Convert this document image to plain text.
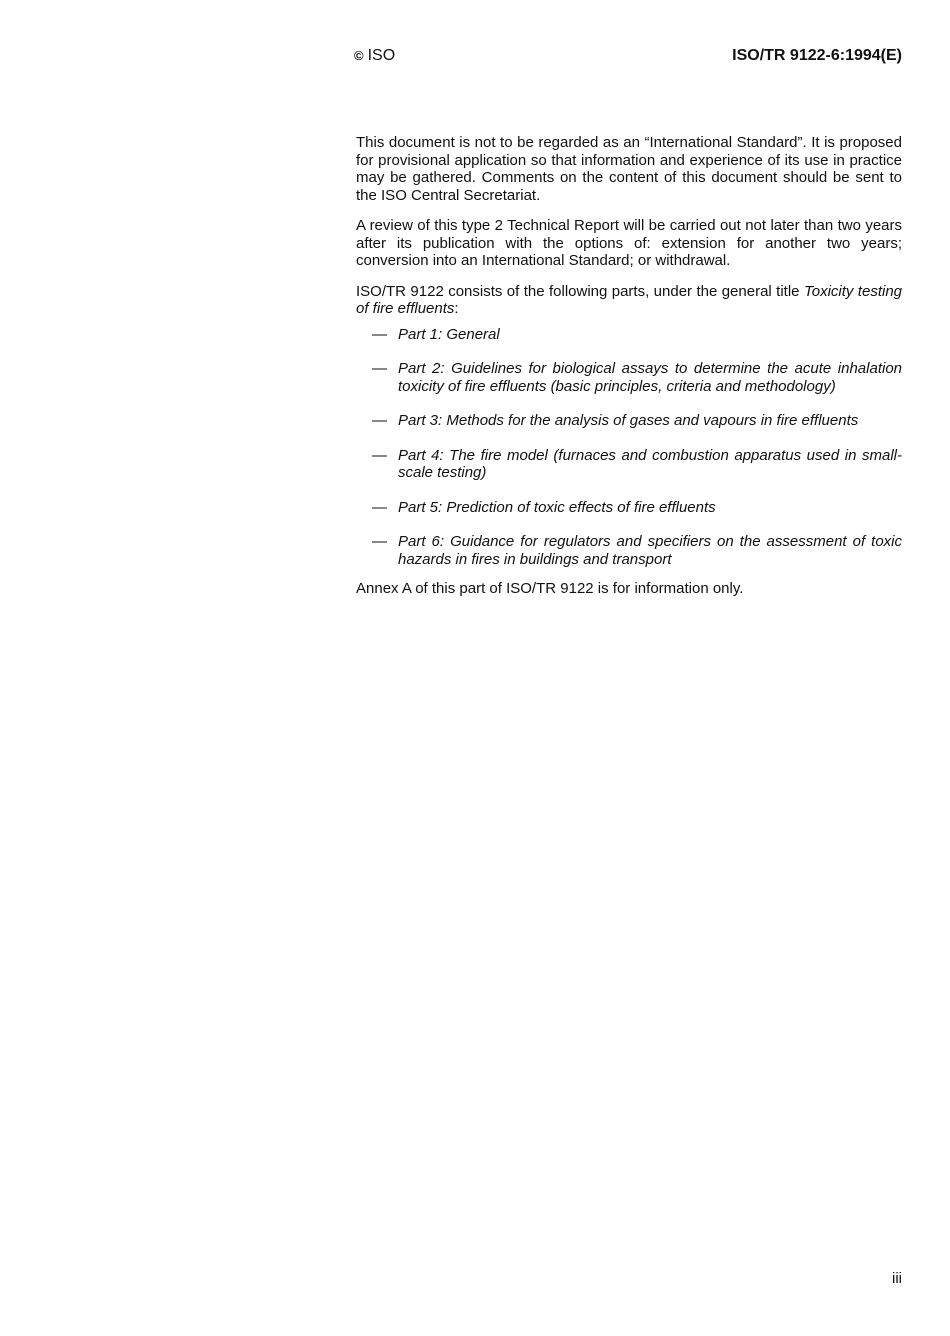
© ISO	ISO/TR 9122-6:1994(E)

This document is not to be regarded as an “International Standard”. It is proposed for provisional application so that information and experience of its use in practice may be gathered. Comments on the content of this document should be sent to the ISO Central Secretariat.

A review of this type 2 Technical Report will be carried out not later than two years after its publication with the options of: extension for another two years; conversion into an International Standard; or withdrawal.

ISO/TR 9122 consists of the following parts, under the general title Toxicity testing of fire effluents:

— Part 1: General
— Part 2: Guidelines for biological assays to determine the acute inhalation toxicity of fire effluents (basic principles, criteria and methodology)
— Part 3: Methods for the analysis of gases and vapours in fire effluents
— Part 4: The fire model (furnaces and combustion apparatus used in small-scale testing)
— Part 5: Prediction of toxic effects of fire effluents
— Part 6: Guidance for regulators and specifiers on the assessment of toxic hazards in fires in buildings and transport

Annex A of this part of ISO/TR 9122 is for information only.

iii
